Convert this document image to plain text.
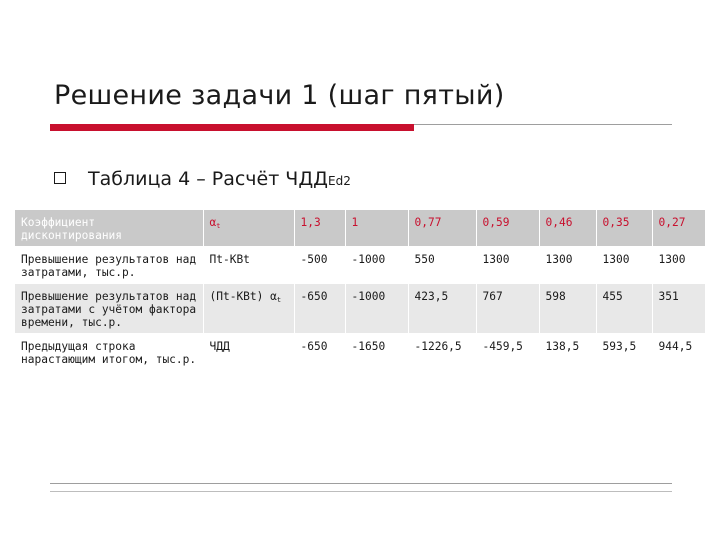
Решение задачи 1 (шаг пятый)
Таблица 4 – Расчёт ЧДД Ed2
Коэффициент дисконтирования	$\alpha_t$	1,3	1	0,77	0,59	0,46	0,35	0,27
Превышение результатов над затратами, тыс.р.	Пt-КВt	-500	-1000	550	1300	1300	1300	1300
Превышение результатов над затратами с учётом фактора времени, тыс.р.	(Пt-КВt) $\alpha_t$	-650	-1000	423,5	767	598	455	351
Предыдущая строка нарастающим итогом, тыс.р.	ЧДД	-650	-1650	-1226,5	-459,5	138,5	593,5	944,5
